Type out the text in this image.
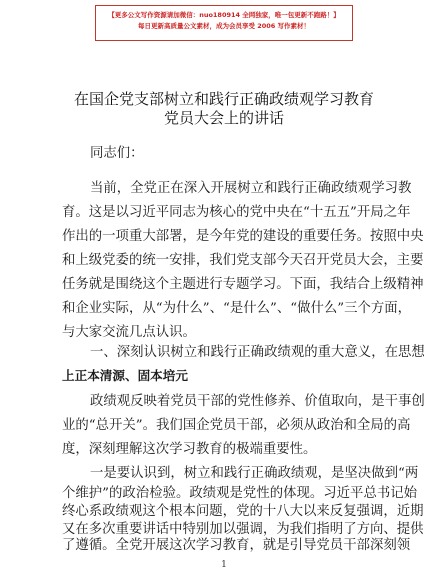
【更多公文写作资源请加微信：nuo180914 全网独家，唯一包更新不跑路！】
每日更新高质量公文素材，成为会员享受 2006 写作素材！
在国企党支部树立和践行正确政绩观学习教育
党员大会上的讲话
同志们：
当前，全党正在深入开展树立和践行正确政绩观学习教
育。这是以习近平同志为核心的党中央在“十五五”开局之年
作出的一项重大部署，是今年党的建设的重要任务。按照中央
和上级党委的统一安排，我们党支部今天召开党员大会，主要
任务就是围绕这个主题进行专题学习。下面，我结合上级精神
和企业实际，从“为什么”、“是什么”、“做什么”三个方面，
与大家交流几点认识。
一、深刻认识树立和践行正确政绩观的重大意义，在思想
上正本清源、固本培元
政绩观反映着党员干部的党性修养、价值取向，是干事创
业的“总开关”。我们国企党员干部，必须从政治和全局的高
度，深刻理解这次学习教育的极端重要性。
一是要认识到，树立和践行正确政绩观，是坚决做到“两
个维护”的政治检验。政绩观是党性的体现。习近平总书记始
终心系政绩观这个根本问题，党的十八大以来反复强调，近期
又在多次重要讲话中特别加以强调，为我们指明了方向、提供
1
了遵循。全党开展这次学习教育，就是引导党员干部深刻领
